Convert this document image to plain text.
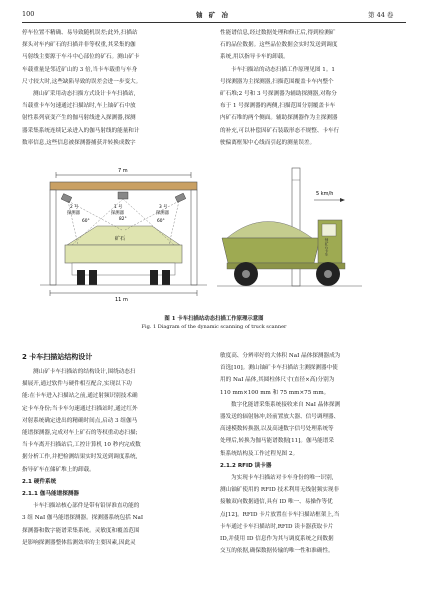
100	铀 矿 冶	第 44 卷
停车位置不精确、易导致随机误差;此外,扫描站
探头对车内矿石的扫描并非等权重,其采集的伽
马射线主要源于车斗中心部位的矿石。测山矿卡
车载重量是邻近矿山的 3 倍,当卡车载重与车身
尺寸较大时,这些缺陷导致的误差会进一步变大。
测山矿采用动态扫描方式设计卡车扫描站,
当载重卡车匀速通过扫描站时,车上铀矿石中放
射性系列衰变产生的伽马射线进入探测器,探测
器采集系统连续记录进入的伽马射线的能量和计
数率信息,这些信息被探测器捕获并转换成数字
性能谱信息,经过数据处理和修正后,得到检测矿
石的品位数据。这些品位数据会实时发送到调度
系统,用以指导卡车的卸载。
卡车扫描站的动态扫描工作原理见图 1。1
号探测器为主探测器,扫描范围覆盖卡车内整个
矿石堆;2 号和 3 号探测器为辅助探测器,对称分
布于 1 号探测器的两侧,扫描范围分别覆盖卡车
内矿石堆的两个侧面。辅助探测器作为主探测器
的补充,可以补偿因矿石装载形态不规整、卡车行
驶偏离框架中心线而引起的测量误差。
7 m
11 m
1 号
探测器
2 号
探测器
3 号
探测器
60°	82°	60°
矿石
5 km/h
铀矿石卡车
图 1 卡车扫描站动态扫描工作原理示意图
Fig. 1 Diagram of the dynamic scanning of truck scanner
2 卡车扫描站结构设计
测山矿卡车扫描站的结构设计,围绕动态扫
描展开,通过软件与硬件相互配合,实现以下功
能:在卡车进入扫描站之前,通过射频识别技术确
定卡车身份;当卡车匀速通过扫描站时,通过红外
对射系统确定进出的精确时间点,启动 3 组伽马
能谱探测器,完成对车上矿石的等权重动态扫描;
当卡车离开扫描站后,工控计算机 10 秒内完成数
据分析工作,并把检测结果实时发送到调度系统,
指导矿车在储矿堆上的卸载。
2.1 硬件系统
2.1.1 伽马能谱探测器
卡车扫描站核心部件是带有铅屏准直功能的
3 组 NaI 伽马能谱探测器。探测器系统包括 NaI
探测器和数字能谱采集系统。灵敏度和覆盖范围
是影响探测器整体监测效率的主要因素,因此灵
敏度高、分辨率好的大体积 NaI 晶体探测器成为
首选[10]。测山铀矿卡车扫描站主测探测器中使
用的 NaI 晶体,其圆柱体尺寸(直径×高)分别为
110 mm×100 mm 和 75 mm×75 mm。
数字化能谱采集系统接收来自 NaI 晶体探测
器发送的辐射脉冲,经前置放大器、信号调理器、
高速模数转换器,以及高速数字信号处理系统等
处理后,转换为伽马能谱数据[11]。伽马能谱采
集系统结构及工作过程见图 2。
2.1.2 RFID 读卡器
为实现卡车扫描站对卡车身份的唯一识别,
测山铀矿使用的 RFID 技术利用无线射频实现非
接触双向数据通信,具有 ID 唯一、易操作等优
点[12]。RFID 卡片放置在卡车扫描站框架上,当
卡车通过卡车扫描站时,RFID 读卡器获取卡片
ID,并使用 ID 信息作为其与调度系统之间数据
交互的依据,确保数据传输的唯一性和准确性。
